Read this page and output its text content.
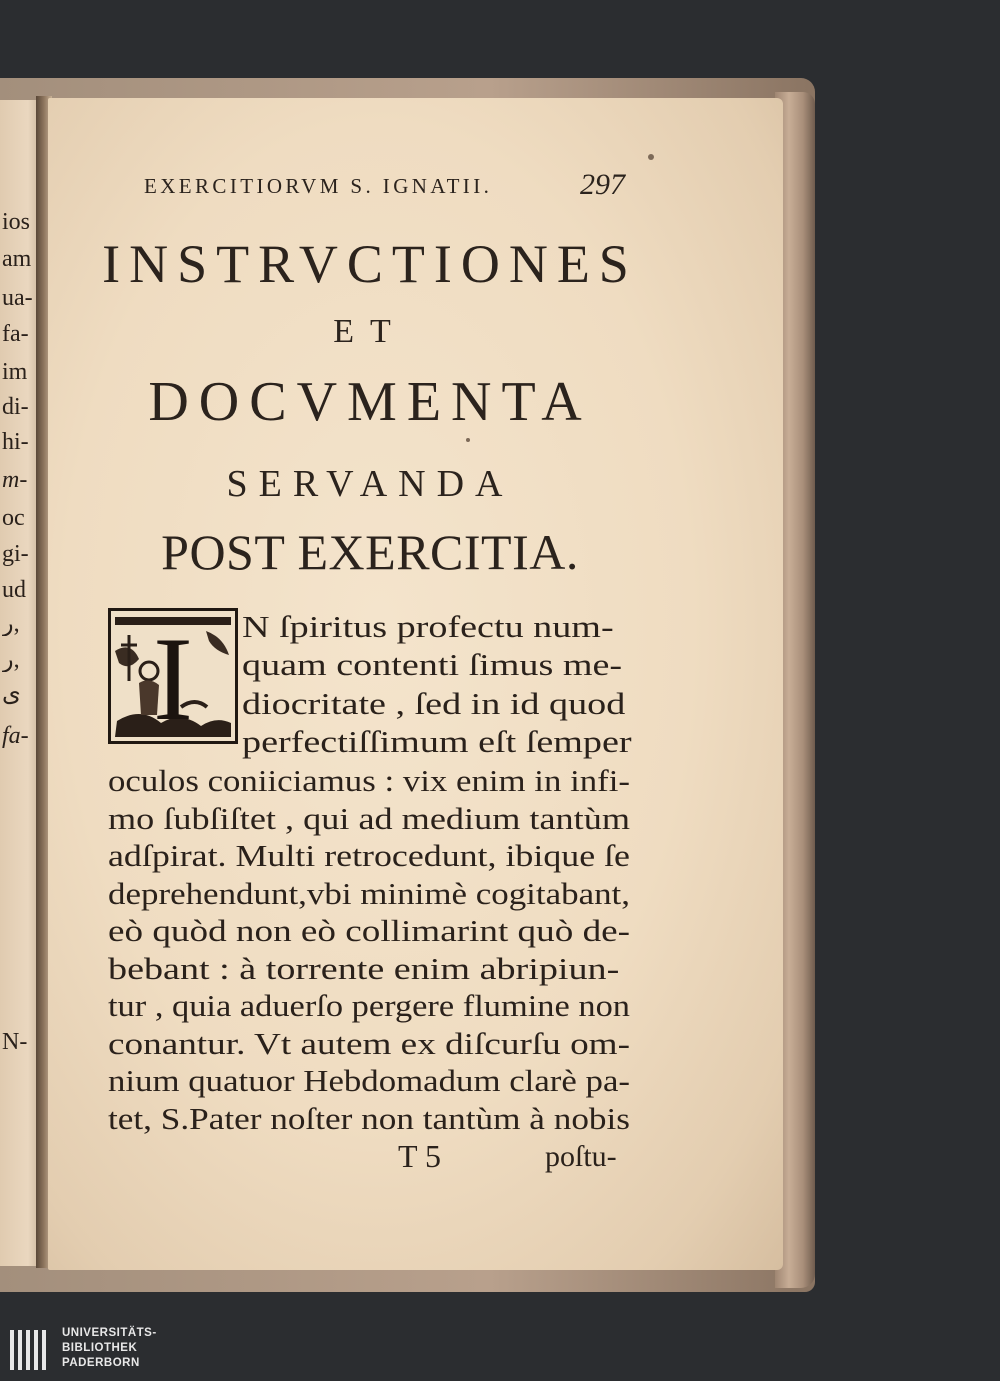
ios
am
ua-
fa-
im
di-
hi-
m-
oc
gi-
ud
ر,
ر,
ى
fa-
N-
EXERCITIORVM S. IGNATII.	297
INSTRVCTIONES
ET
DOCVMENTA
SERVANDA
POST EXERCITIA.
I N ſpiritus profectu num-
quam contenti ſimus me-
diocritate , ſed in id quod
perfectiſſimum eſt ſemper
oculos coniiciamus : vix enim in infi-
mo ſubſiſtet , qui ad medium tantùm
adſpirat. Multi retrocedunt, ibique ſe
deprehendunt,vbi minimè cogitabant,
eò quòd non eò collimarint quò de-
bebant : à torrente enim abripiun-
tur , quia aduerſo pergere flumine non
conantur. Vt autem ex diſcurſu om-
nium quatuor Hebdomadum clarè pa-
tet, S.Pater noſter non tantùm à nobis
T 5	poſtu-
UNIVERSITÄTS-
BIBLIOTHEK
PADERBORN
